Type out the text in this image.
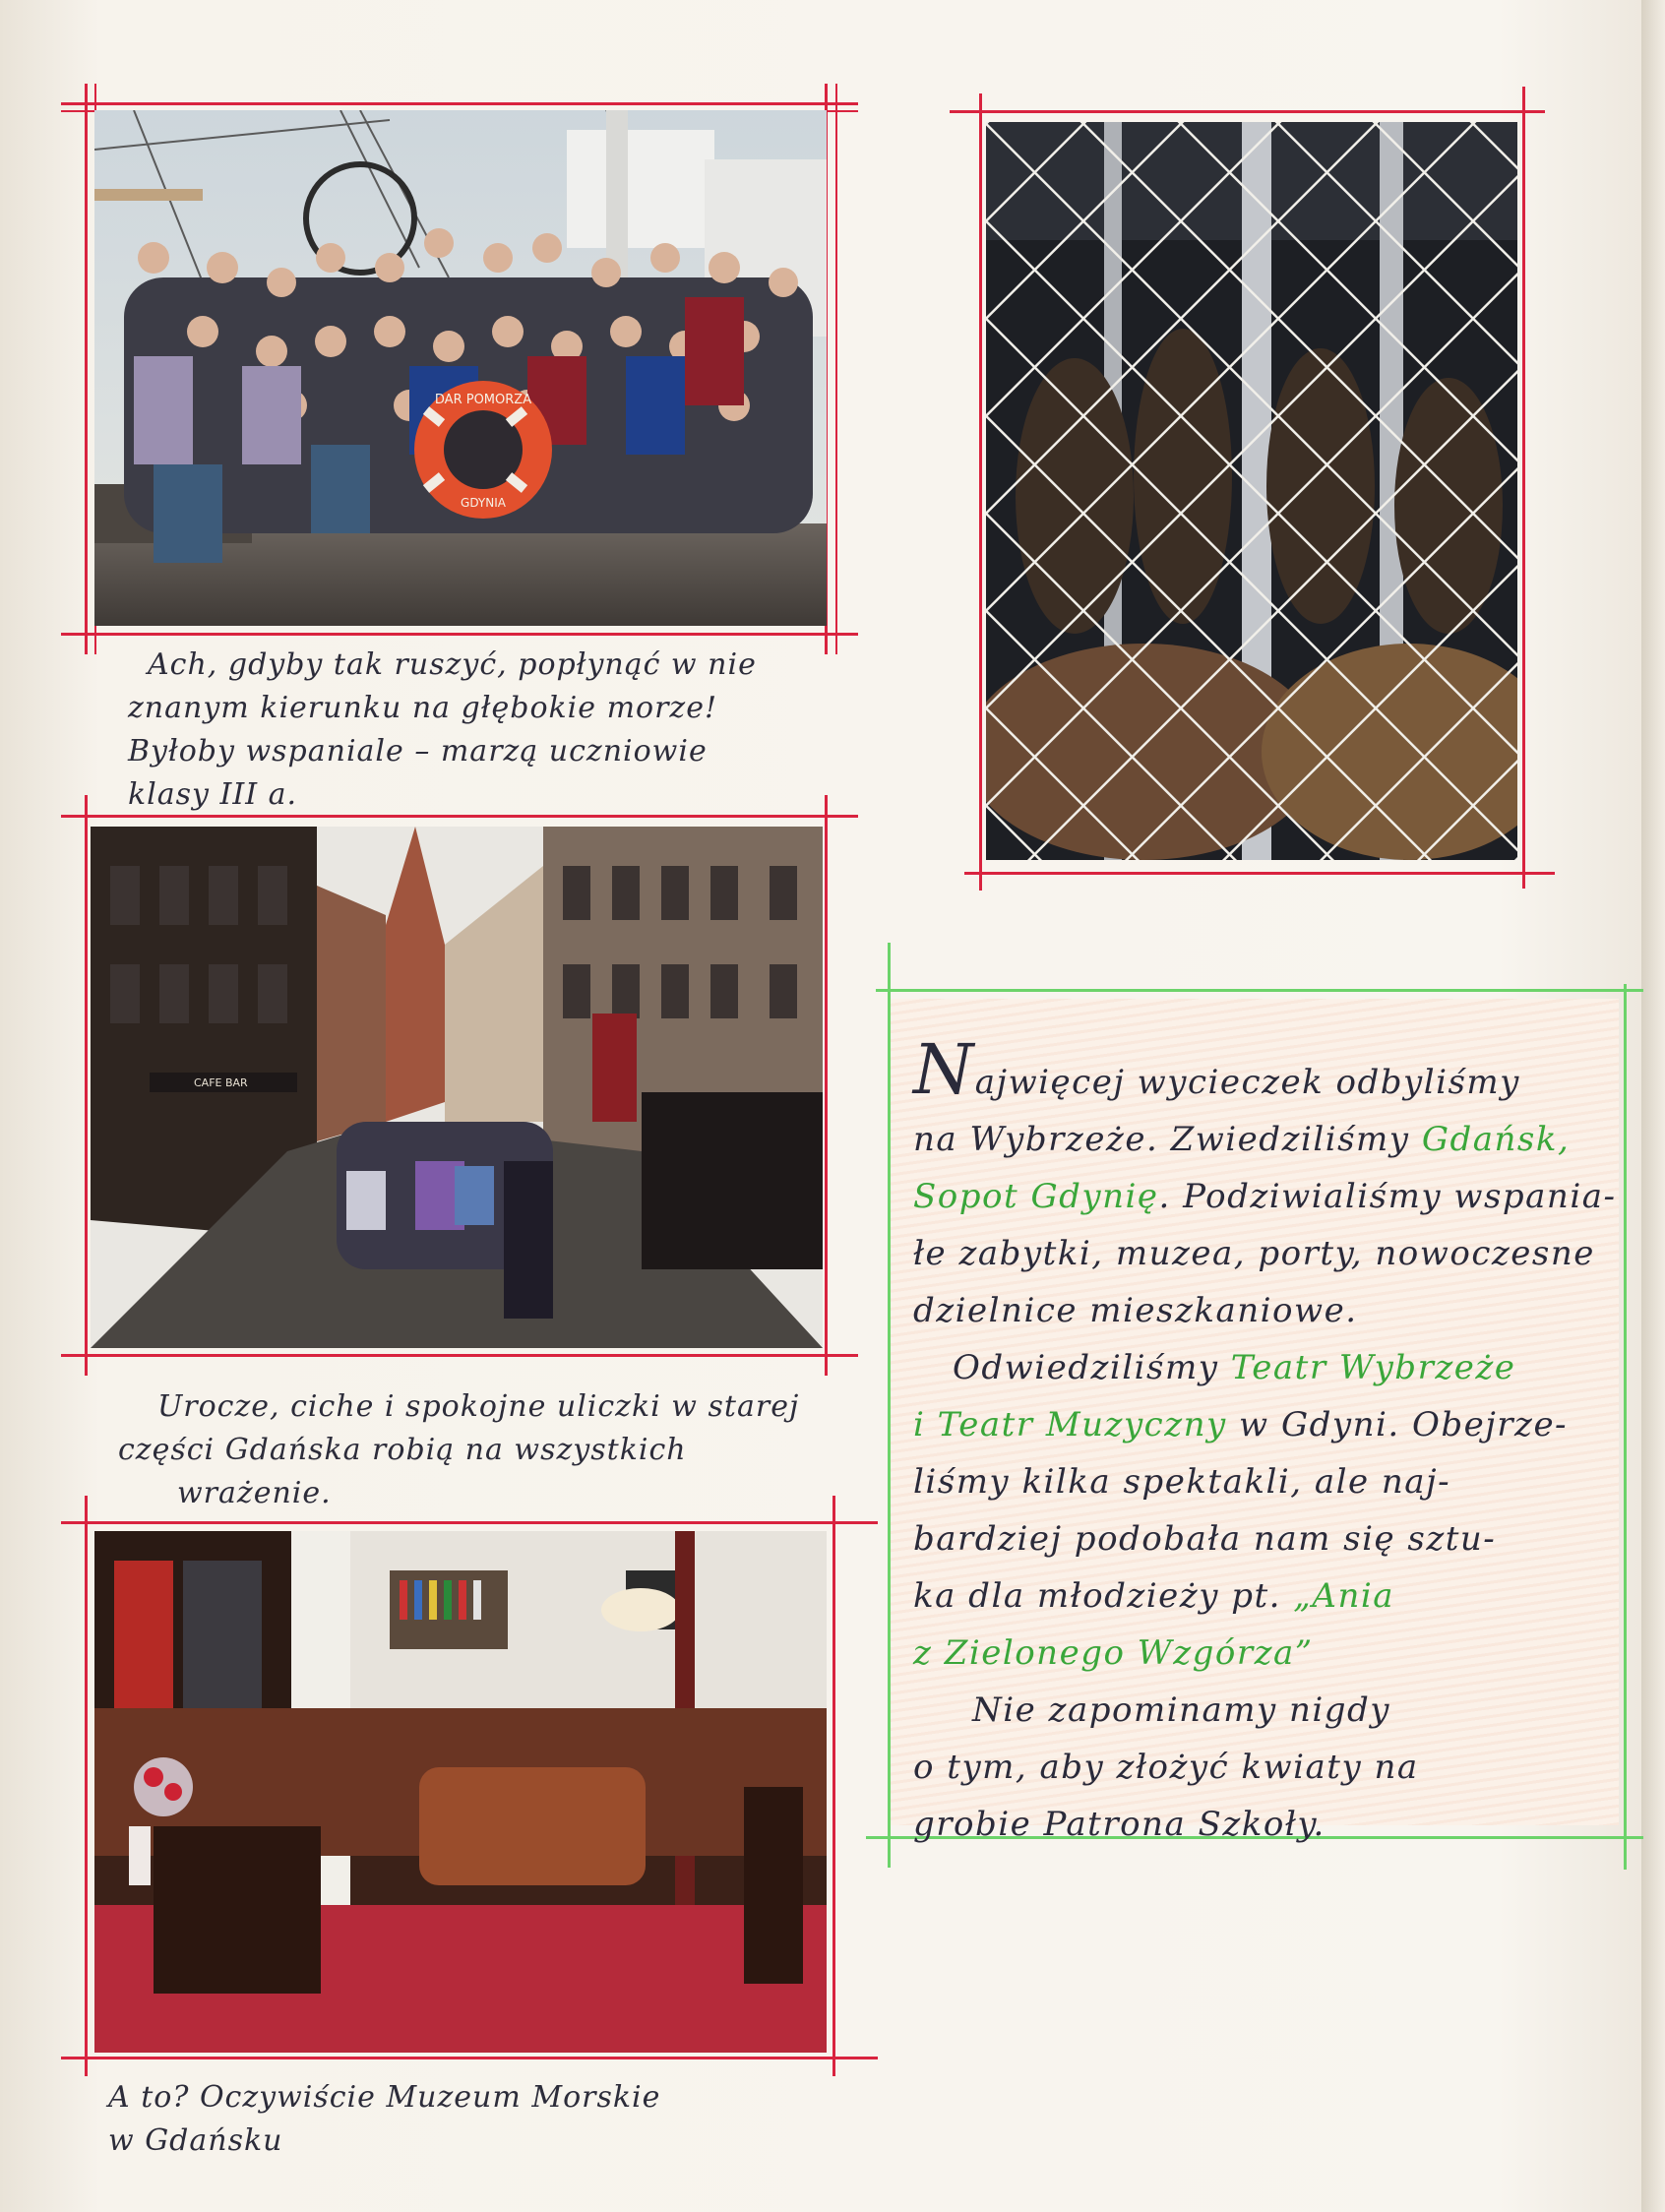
DAR POMORZA
GDYNIA
Ach, gdyby tak ruszyć, popłynąć w nie
znanym kierunku na głębokie morze!
Byłoby wspaniale – marzą uczniowie
klasy III a.
CAFE BAR
Urocze, ciche i spokojne uliczki w starej
części Gdańska robią na wszystkich
wrażenie.
A to? Oczywiście Muzeum Morskie
w Gdańsku
Najwięcej wycieczek odbyliśmy
na Wybrzeże. Zwiedziliśmy Gdańsk,
Sopot Gdynię. Podziwialiśmy wspania-
łe zabytki, muzea, porty, nowoczesne
dzielnice mieszkaniowe.
Odwiedziliśmy Teatr Wybrzeże
i Teatr Muzyczny w Gdyni. Obejrze-
liśmy kilka spektakli, ale naj-
bardziej podobała nam się sztu-
ka dla młodzieży pt. „Ania
z Zielonego Wzgórza”
Nie zapominamy nigdy
o tym, aby złożyć kwiaty na
grobie Patrona Szkoły.
